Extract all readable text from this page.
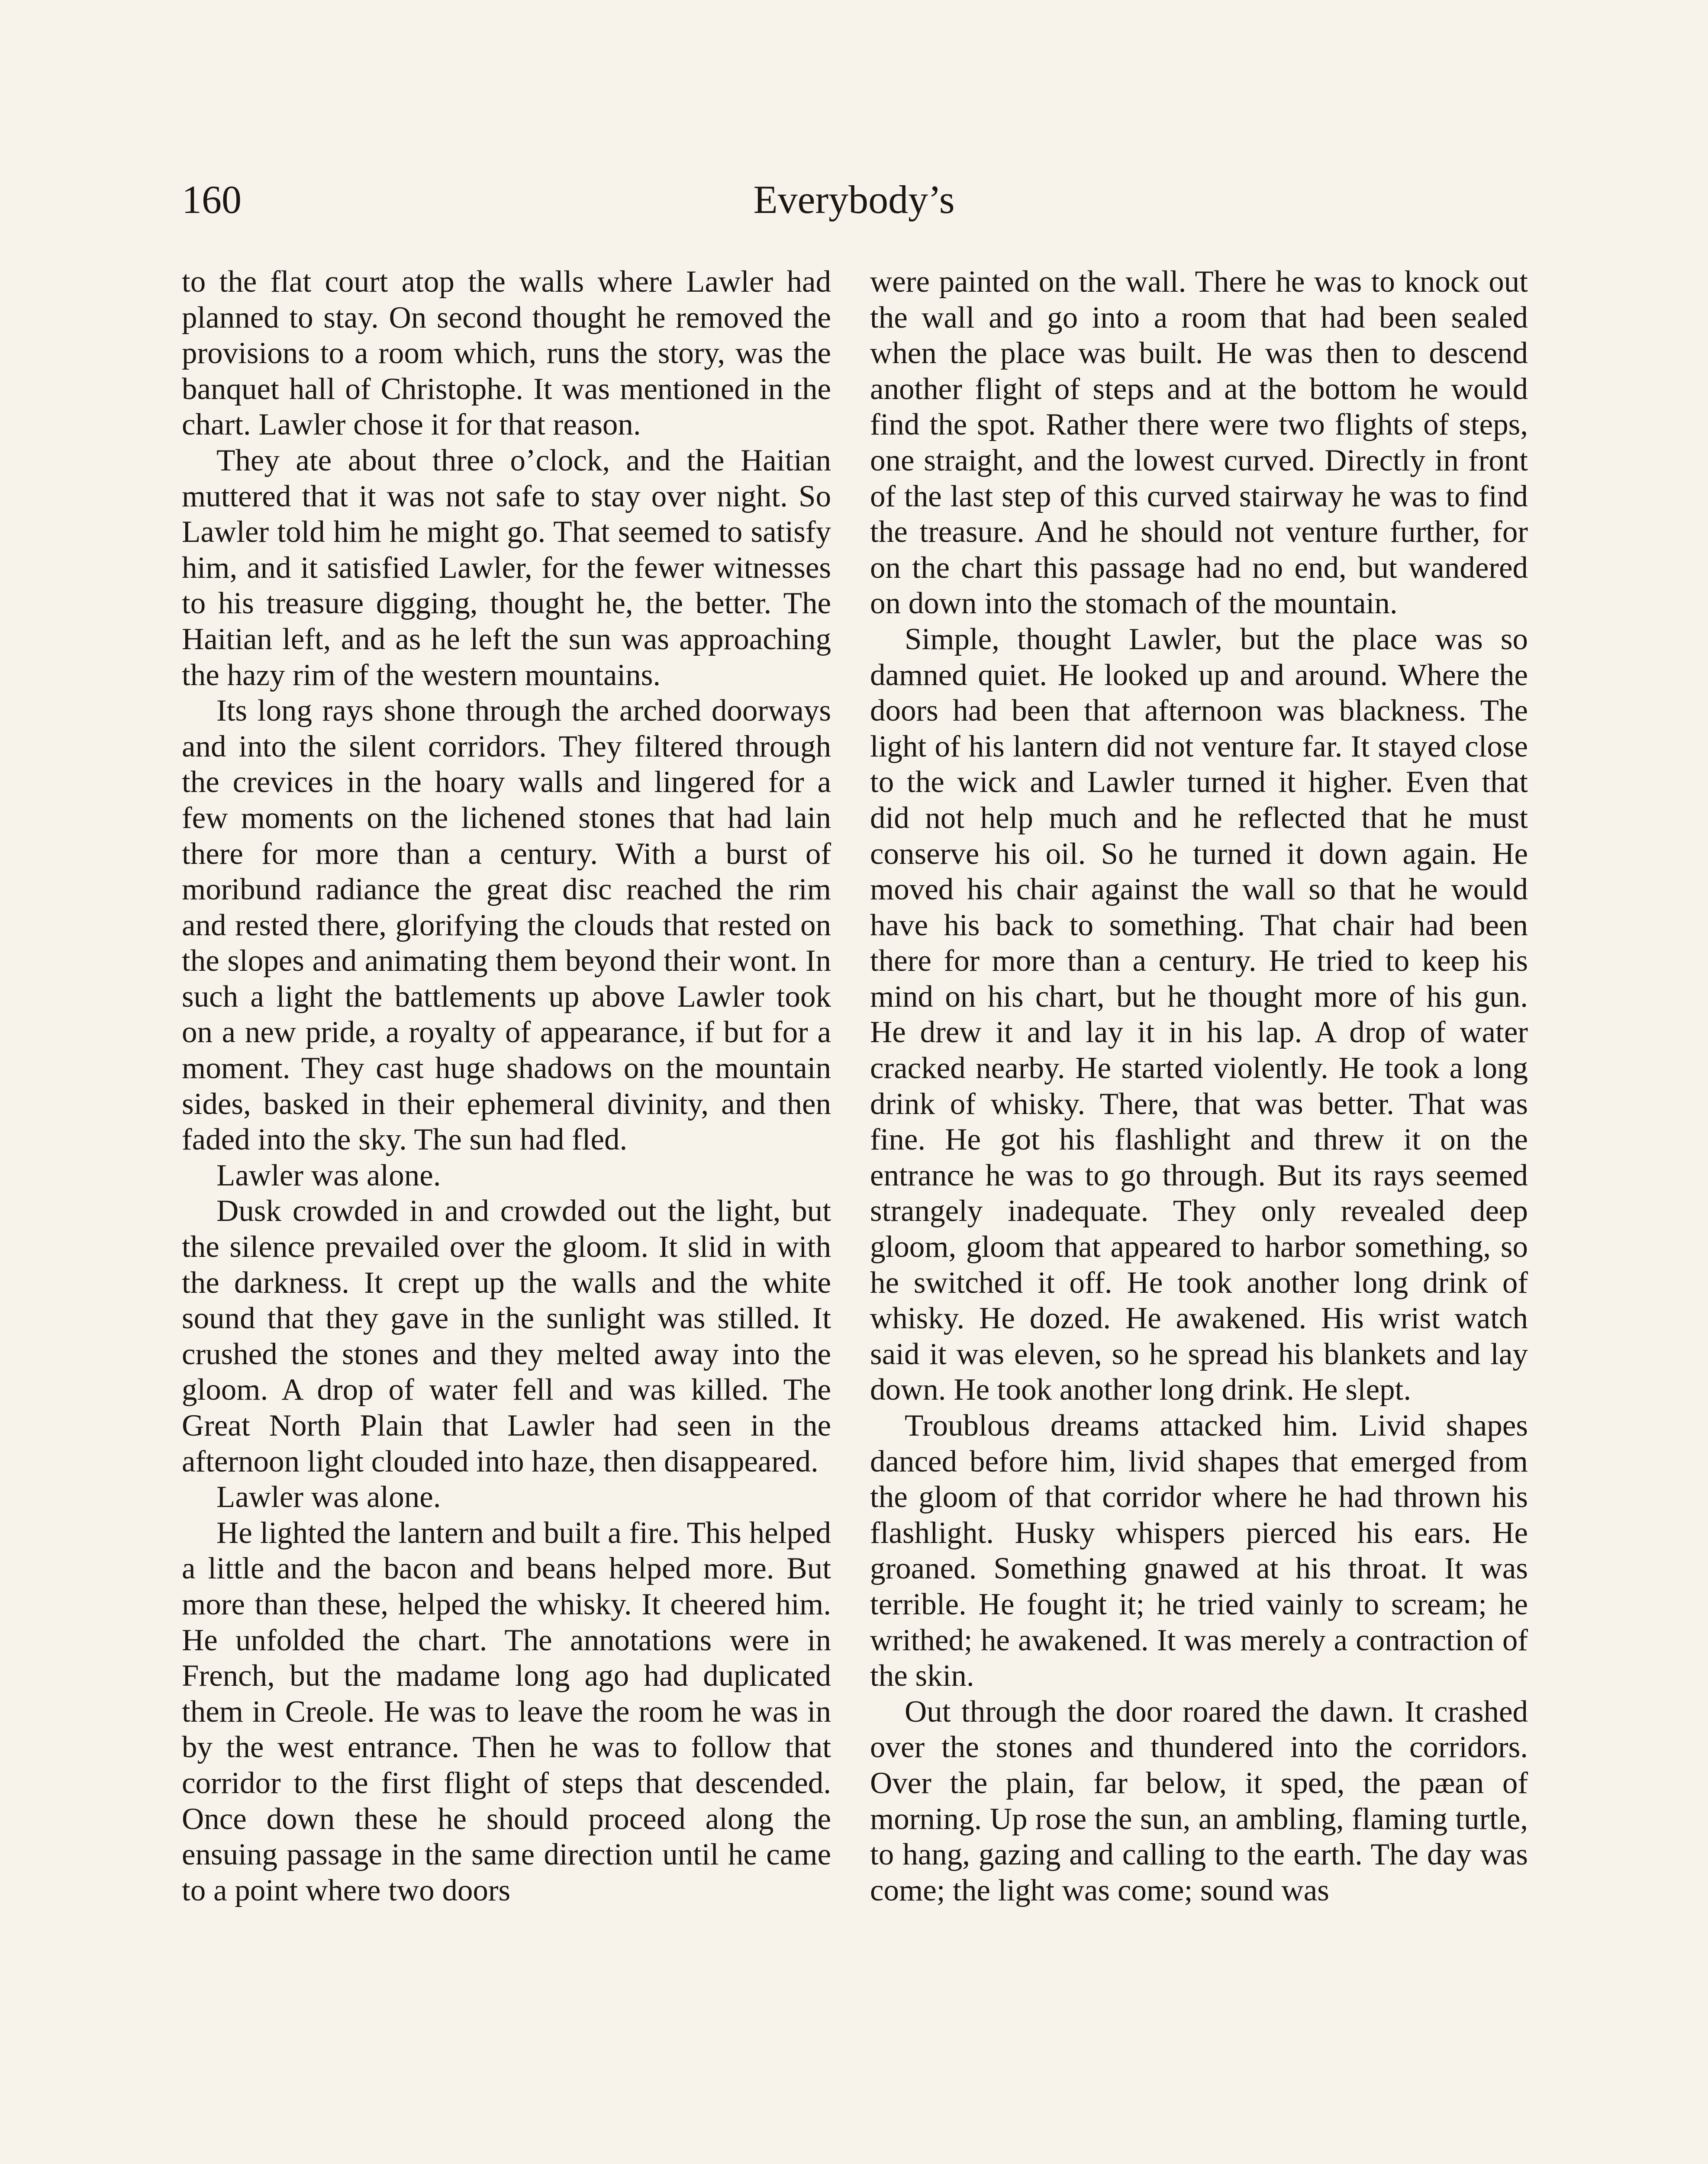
160	Everybody’s

to the flat court atop the walls where Lawler had planned to stay. On second thought he removed the provisions to a room which, runs the story, was the banquet hall of Christophe. It was mentioned in the chart. Lawler chose it for that reason.

They ate about three o’clock, and the Haitian muttered that it was not safe to stay over night. So Lawler told him he might go. That seemed to satisfy him, and it satisfied Lawler, for the fewer witnesses to his treasure digging, thought he, the better. The Haitian left, and as he left the sun was approaching the hazy rim of the western mountains.

Its long rays shone through the arched doorways and into the silent corridors. They filtered through the crevices in the hoary walls and lingered for a few moments on the lichened stones that had lain there for more than a century. With a burst of moribund radiance the great disc reached the rim and rested there, glorifying the clouds that rested on the slopes and animating them beyond their wont. In such a light the battlements up above Lawler took on a new pride, a royalty of appearance, if but for a moment. They cast huge shadows on the mountain sides, basked in their ephemeral divinity, and then faded into the sky. The sun had fled.

Lawler was alone.

Dusk crowded in and crowded out the light, but the silence prevailed over the gloom. It slid in with the darkness. It crept up the walls and the white sound that they gave in the sunlight was stilled. It crushed the stones and they melted away into the gloom. A drop of water fell and was killed. The Great North Plain that Lawler had seen in the afternoon light clouded into haze, then disappeared.

Lawler was alone.

He lighted the lantern and built a fire. This helped a little and the bacon and beans helped more. But more than these, helped the whisky. It cheered him. He unfolded the chart. The annotations were in French, but the madame long ago had duplicated them in Creole. He was to leave the room he was in by the west entrance. Then he was to follow that corridor to the first flight of steps that descended. Once down these he should proceed along the ensuing passage in the same direction until he came to a point where two doors

were painted on the wall. There he was to knock out the wall and go into a room that had been sealed when the place was built. He was then to descend another flight of steps and at the bottom he would find the spot. Rather there were two flights of steps, one straight, and the lowest curved. Directly in front of the last step of this curved stairway he was to find the treasure. And he should not venture further, for on the chart this passage had no end, but wandered on down into the stomach of the mountain.

Simple, thought Lawler, but the place was so damned quiet. He looked up and around. Where the doors had been that afternoon was blackness. The light of his lantern did not venture far. It stayed close to the wick and Lawler turned it higher. Even that did not help much and he reflected that he must conserve his oil. So he turned it down again. He moved his chair against the wall so that he would have his back to something. That chair had been there for more than a century. He tried to keep his mind on his chart, but he thought more of his gun. He drew it and lay it in his lap. A drop of water cracked nearby. He started violently. He took a long drink of whisky. There, that was better. That was fine. He got his flashlight and threw it on the entrance he was to go through. But its rays seemed strangely inadequate. They only revealed deep gloom, gloom that appeared to harbor something, so he switched it off. He took another long drink of whisky. He dozed. He awakened. His wrist watch said it was eleven, so he spread his blankets and lay down. He took another long drink. He slept.

Troublous dreams attacked him. Livid shapes danced before him, livid shapes that emerged from the gloom of that corridor where he had thrown his flashlight. Husky whispers pierced his ears. He groaned. Something gnawed at his throat. It was terrible. He fought it; he tried vainly to scream; he writhed; he awakened. It was merely a contraction of the skin.

Out through the door roared the dawn. It crashed over the stones and thundered into the corridors. Over the plain, far below, it sped, the pæan of morning. Up rose the sun, an ambling, flaming turtle, to hang, gazing and calling to the earth. The day was come; the light was come; sound was
